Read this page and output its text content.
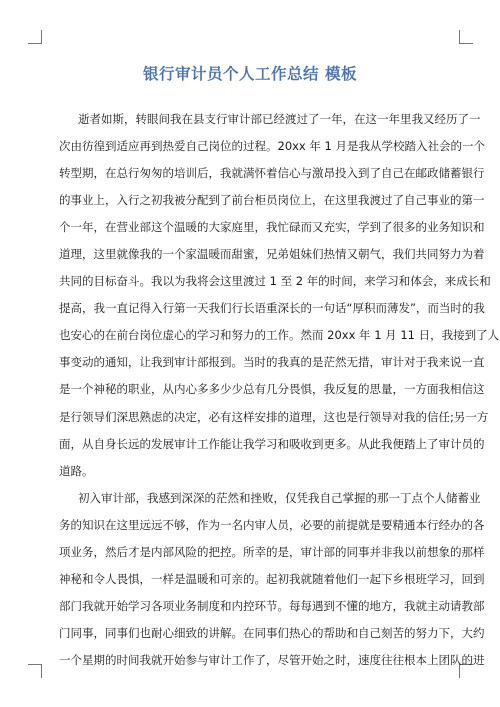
银行审计员个人工作总结 模板
逝者如斯，转眼间我在县支行审计部已经渡过了一年，在这一年里我又经历了一
次由彷徨到适应再到热爱自己岗位的过程。20xx 年 1 月是我从学校踏入社会的一个
转型期，在总行匆匆的培训后，我就满怀着信心与激昂投入到了自己在邮政储蓄银行
的事业上，入行之初我被分配到了前台柜员岗位上，在这里我渡过了自己事业的第一
个一年，在营业部这个温暖的大家庭里，我忙碌而又充实，学到了很多的业务知识和
道理，这里就像我的一个家温暖而甜蜜，兄弟姐妹们热情又朝气，我们共同努力为着
共同的目标奋斗。我以为我将会这里渡过 1 至 2 年的时间，来学习和体会，来成长和
提高，我一直记得入行第一天我们行长语重深长的一句话“厚积而薄发”，而当时的我
也安心的在前台岗位虚心的学习和努力的工作。然而 20xx 年 1 月 11 日，我接到了人
事变动的通知，让我到审计部报到。当时的我真的是茫然无措，审计对于我来说一直
是一个神秘的职业，从内心多多少少总有几分畏惧，我反复的思量，一方面我相信这
是行领导们深思熟虑的决定，必有这样安排的道理，这也是行领导对我的信任;另一方
面，从自身长远的发展审计工作能让我学习和吸收到更多。从此我便踏上了审计员的
道路。
初入审计部，我感到深深的茫然和挫败，仅凭我自己掌握的那一丁点个人储蓄业
务的知识在这里远远不够，作为一名内审人员，必要的前提就是要精通本行经办的各
项业务，然后才是内部风险的把控。所幸的是，审计部的同事并非我以前想象的那样
神秘和令人畏惧，一样是温暖和可亲的。起初我就随着他们一起下乡根班学习，回到
部门我就开始学习各项业务制度和内控环节。每每遇到不懂的地方，我就主动请教部
门同事，同事们也耐心细致的讲解。在同事们热心的帮助和自己刻苦的努力下，大约
一个星期的时间我就开始参与审计工作了，尽管开始之时，速度往往根本上团队的进
